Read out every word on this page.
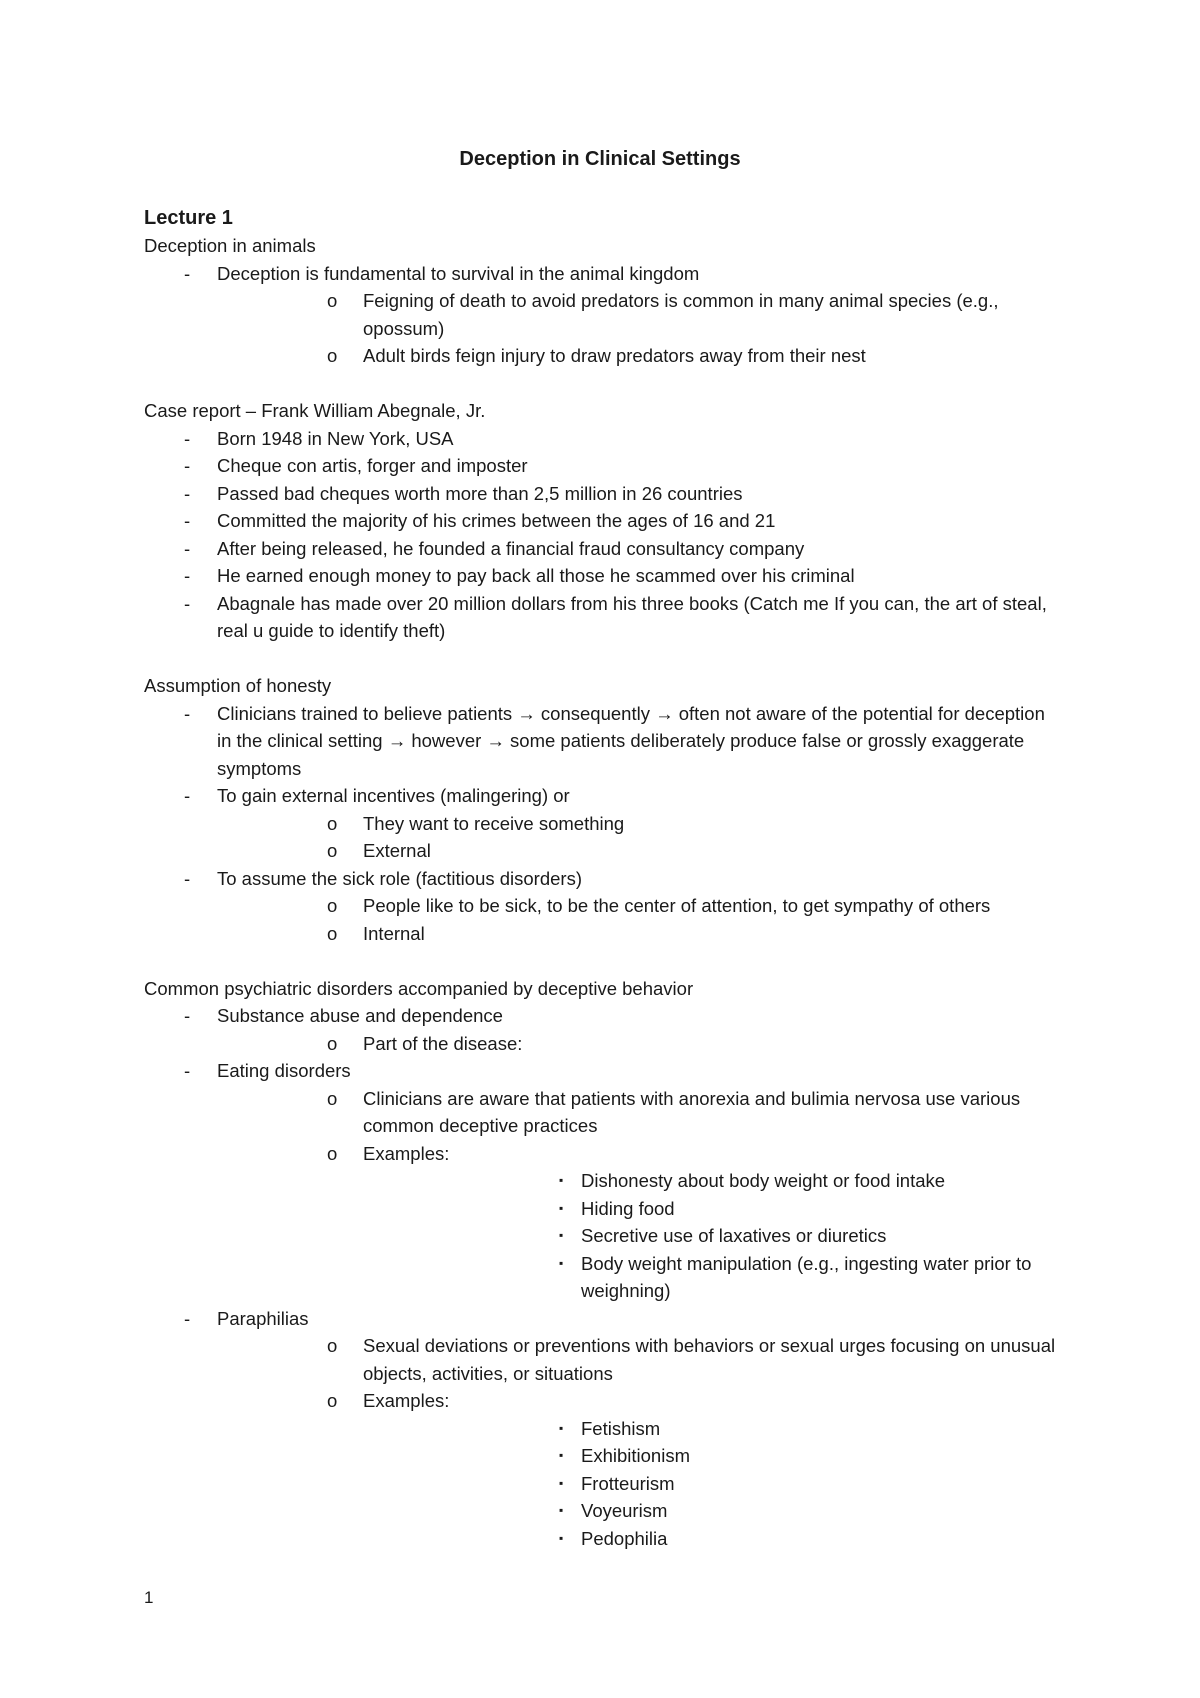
Deception in Clinical Settings
Lecture 1
Deception in animals
- Deception is fundamental to survival in the animal kingdom
o Feigning of death to avoid predators is common in many animal species (e.g., opossum)
o Adult birds feign injury to draw predators away from their nest
Case report – Frank William Abegnale, Jr.
- Born 1948 in New York, USA
- Cheque con artis, forger and imposter
- Passed bad cheques worth more than 2,5 million in 26 countries
- Committed the majority of his crimes between the ages of 16 and 21
- After being released, he founded a financial fraud consultancy company
- He earned enough money to pay back all those he scammed over his criminal
- Abagnale has made over 20 million dollars from his three books (Catch me If you can, the art of steal, real u guide to identify theft)
Assumption of honesty
- Clinicians trained to believe patients → consequently → often not aware of the potential for deception in the clinical setting → however → some patients deliberately produce false or grossly exaggerate symptoms
- To gain external incentives (malingering) or
o They want to receive something
o External
- To assume the sick role (factitious disorders)
o People like to be sick, to be the center of attention, to get sympathy of others
o Internal
Common psychiatric disorders accompanied by deceptive behavior
- Substance abuse and dependence
o Part of the disease:
- Eating disorders
o Clinicians are aware that patients with anorexia and bulimia nervosa use various common deceptive practices
o Examples:
▪ Dishonesty about body weight or food intake
▪ Hiding food
▪ Secretive use of laxatives or diuretics
▪ Body weight manipulation (e.g., ingesting water prior to weighning)
- Paraphilias
o Sexual deviations or preventions with behaviors or sexual urges focusing on unusual objects, activities, or situations
o Examples:
▪ Fetishism
▪ Exhibitionism
▪ Frotteurism
▪ Voyeurism
▪ Pedophilia
1
